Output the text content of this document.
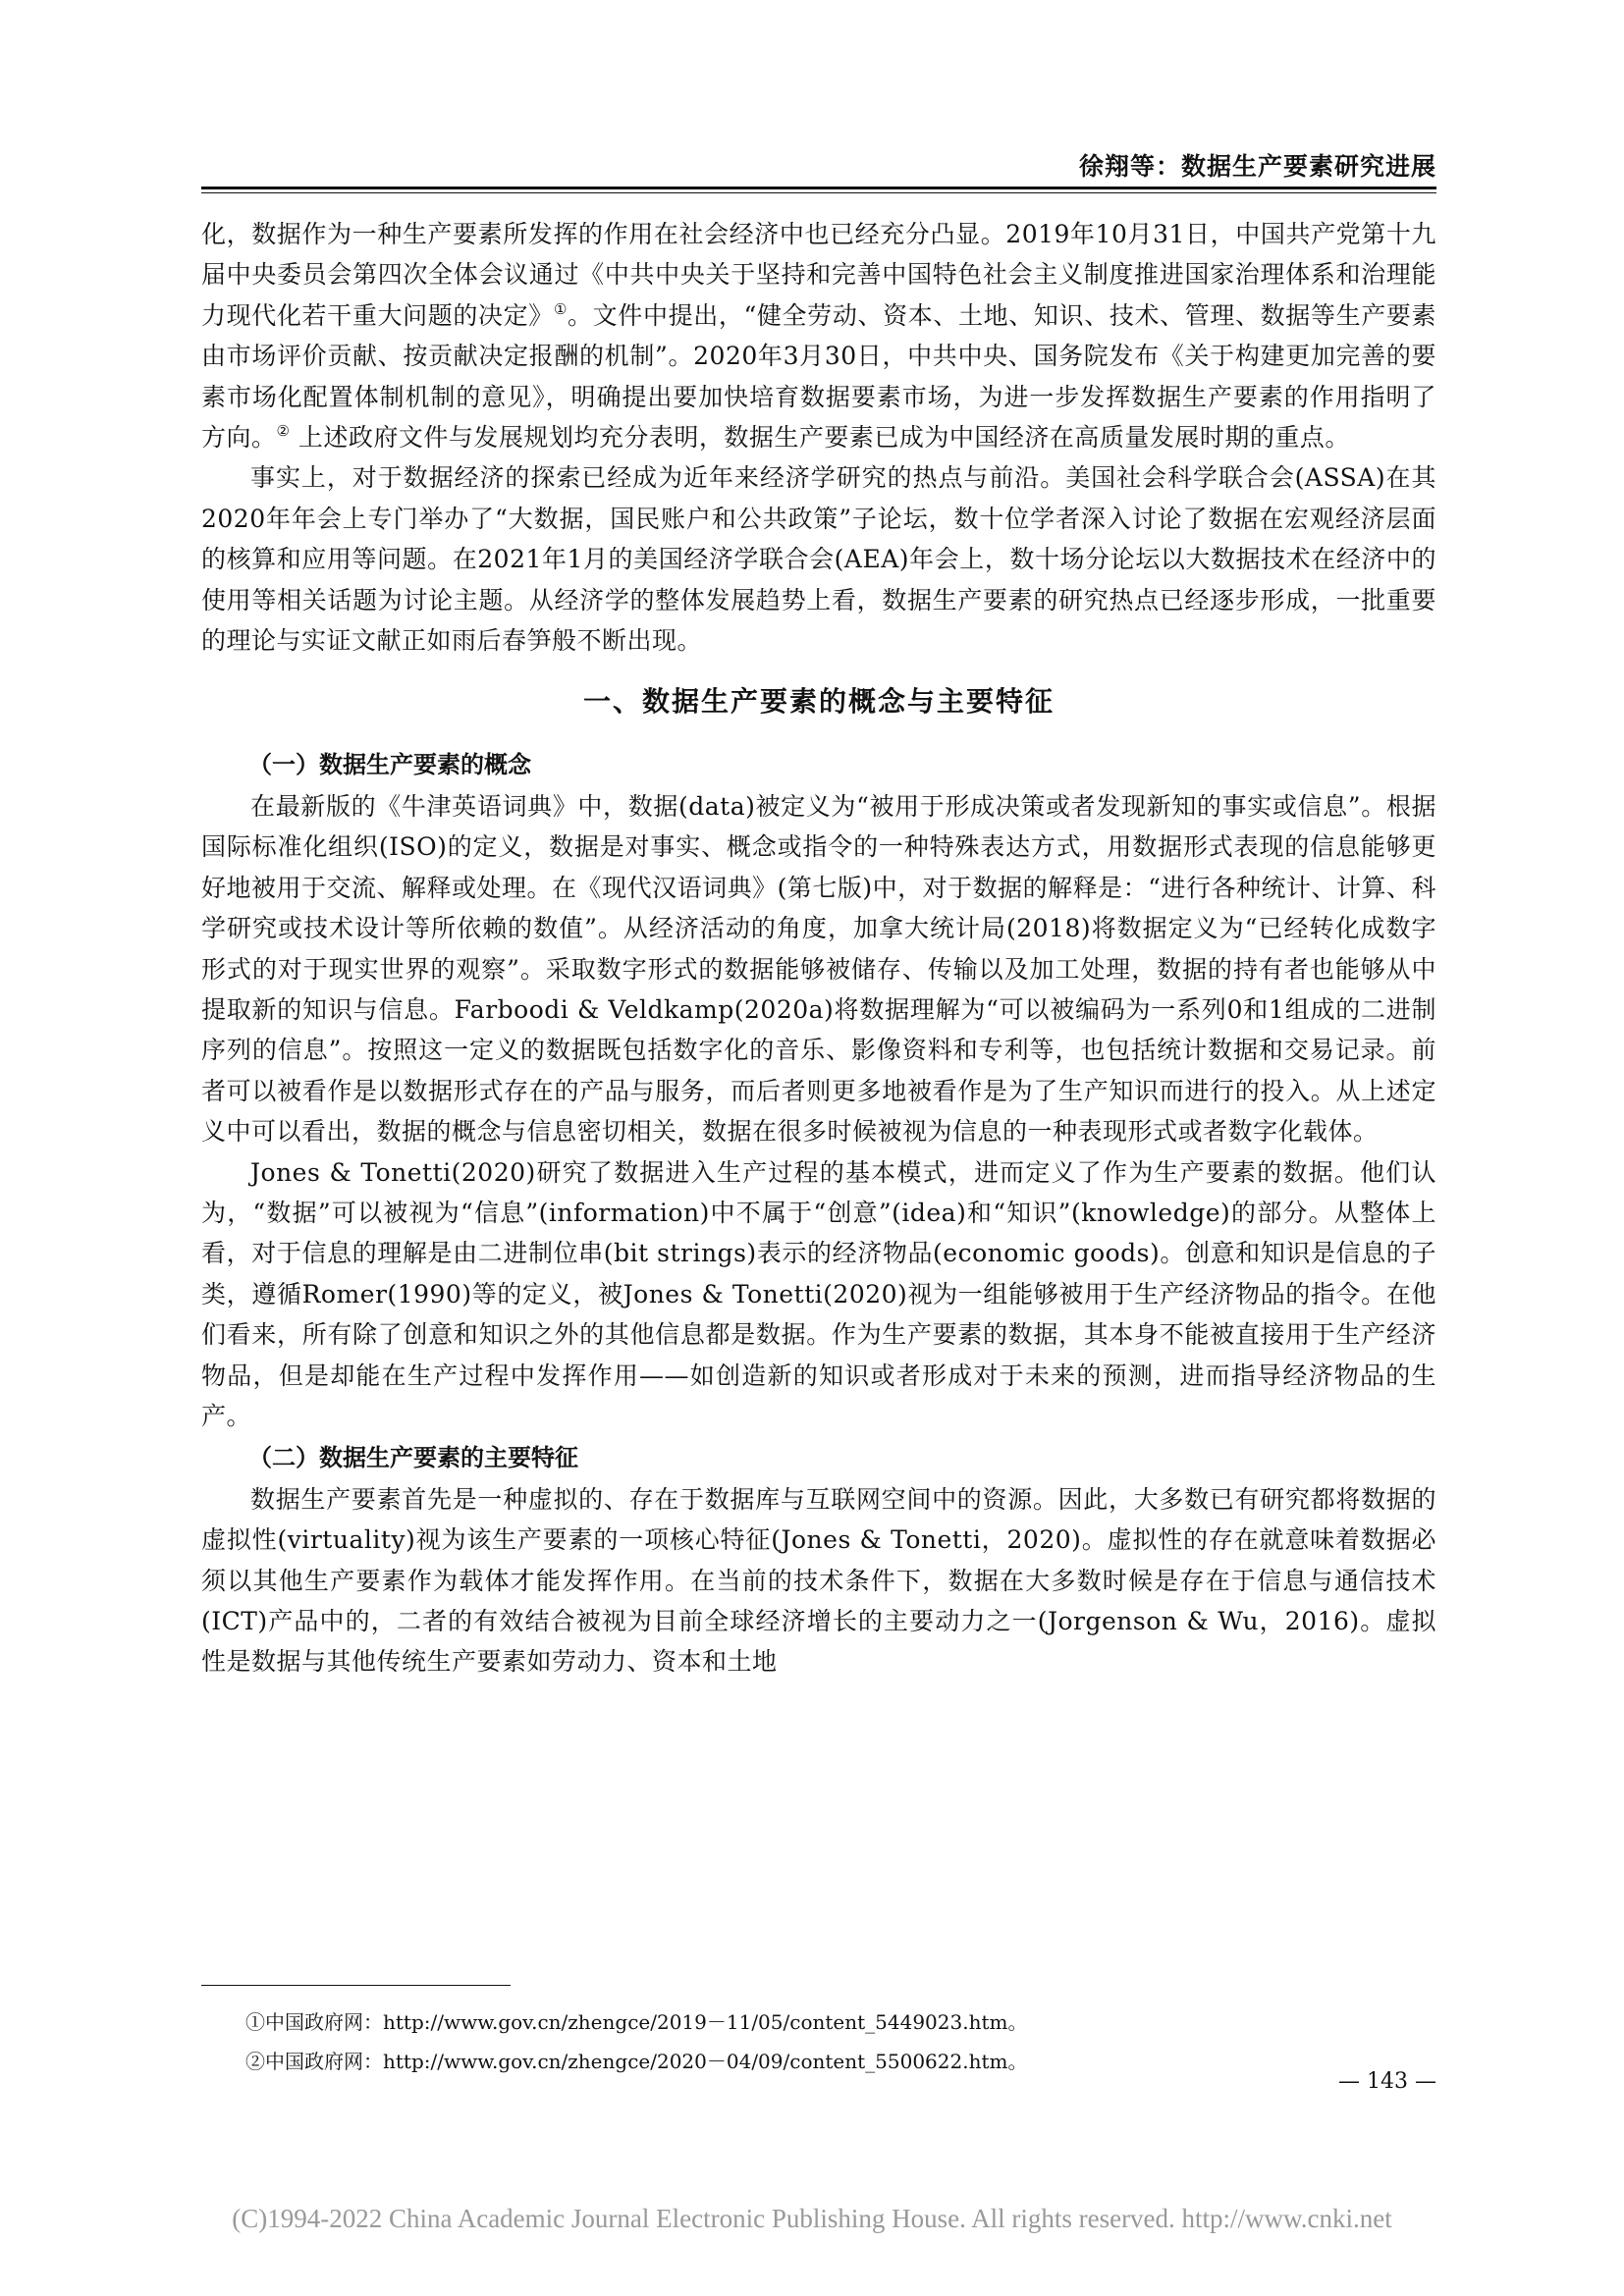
徐翔等：数据生产要素研究进展

化，数据作为一种生产要素所发挥的作用在社会经济中也已经充分凸显。2019年10月31日，中国共产党第十九届中央委员会第四次全体会议通过《中共中央关于坚持和完善中国特色社会主义制度推进国家治理体系和治理能力现代化若干重大问题的决定》①。文件中提出，“健全劳动、资本、土地、知识、技术、管理、数据等生产要素由市场评价贡献、按贡献决定报酬的机制”。2020年3月30日，中共中央、国务院发布《关于构建更加完善的要素市场化配置体制机制的意见》，明确提出要加快培育数据要素市场，为进一步发挥数据生产要素的作用指明了方向。② 上述政府文件与发展规划均充分表明，数据生产要素已成为中国经济在高质量发展时期的重点。

事实上，对于数据经济的探索已经成为近年来经济学研究的热点与前沿。美国社会科学联合会(ASSA)在其2020年年会上专门举办了“大数据，国民账户和公共政策”子论坛，数十位学者深入讨论了数据在宏观经济层面的核算和应用等问题。在2021年1月的美国经济学联合会(AEA)年会上，数十场分论坛以大数据技术在经济中的使用等相关话题为讨论主题。从经济学的整体发展趋势上看，数据生产要素的研究热点已经逐步形成，一批重要的理论与实证文献正如雨后春笋般不断出现。

一、数据生产要素的概念与主要特征
（一）数据生产要素的概念

在最新版的《牛津英语词典》中，数据(data)被定义为“被用于形成决策或者发现新知的事实或信息”。根据国际标准化组织(ISO)的定义，数据是对事实、概念或指令的一种特殊表达方式，用数据形式表现的信息能够更好地被用于交流、解释或处理。在《现代汉语词典》(第七版)中，对于数据的解释是：“进行各种统计、计算、科学研究或技术设计等所依赖的数值”。从经济活动的角度，加拿大统计局(2018)将数据定义为“已经转化成数字形式的对于现实世界的观察”。采取数字形式的数据能够被储存、传输以及加工处理，数据的持有者也能够从中提取新的知识与信息。Farboodi & Veldkamp(2020a)将数据理解为“可以被编码为一系列0和1组成的二进制序列的信息”。按照这一定义的数据既包括数字化的音乐、影像资料和专利等，也包括统计数据和交易记录。前者可以被看作是以数据形式存在的产品与服务，而后者则更多地被看作是为了生产知识而进行的投入。从上述定义中可以看出，数据的概念与信息密切相关，数据在很多时候被视为信息的一种表现形式或者数字化载体。

Jones & Tonetti(2020)研究了数据进入生产过程的基本模式，进而定义了作为生产要素的数据。他们认为，“数据”可以被视为“信息”(information)中不属于“创意”(idea)和“知识”(knowledge)的部分。从整体上看，对于信息的理解是由二进制位串(bit strings)表示的经济物品(economic goods)。创意和知识是信息的子类，遵循Romer(1990)等的定义，被Jones & Tonetti(2020)视为一组能够被用于生产经济物品的指令。在他们看来，所有除了创意和知识之外的其他信息都是数据。作为生产要素的数据，其本身不能被直接用于生产经济物品，但是却能在生产过程中发挥作用——如创造新的知识或者形成对于未来的预测，进而指导经济物品的生产。

（二）数据生产要素的主要特征

数据生产要素首先是一种虚拟的、存在于数据库与互联网空间中的资源。因此，大多数已有研究都将数据的虚拟性(virtuality)视为该生产要素的一项核心特征(Jones & Tonetti，2020)。虚拟性的存在就意味着数据必须以其他生产要素作为载体才能发挥作用。在当前的技术条件下，数据在大多数时候是存在于信息与通信技术(ICT)产品中的，二者的有效结合被视为目前全球经济增长的主要动力之一(Jorgenson & Wu，2016)。虚拟性是数据与其他传统生产要素如劳动力、资本和土地

①中国政府网：http://www.gov.cn/zhengce/2019－11/05/content_5449023.htm。
②中国政府网：http://www.gov.cn/zhengce/2020－04/09/content_5500622.htm。
— 143 —
(C)1994-2022 China Academic Journal Electronic Publishing House. All rights reserved. http://www.cnki.net
